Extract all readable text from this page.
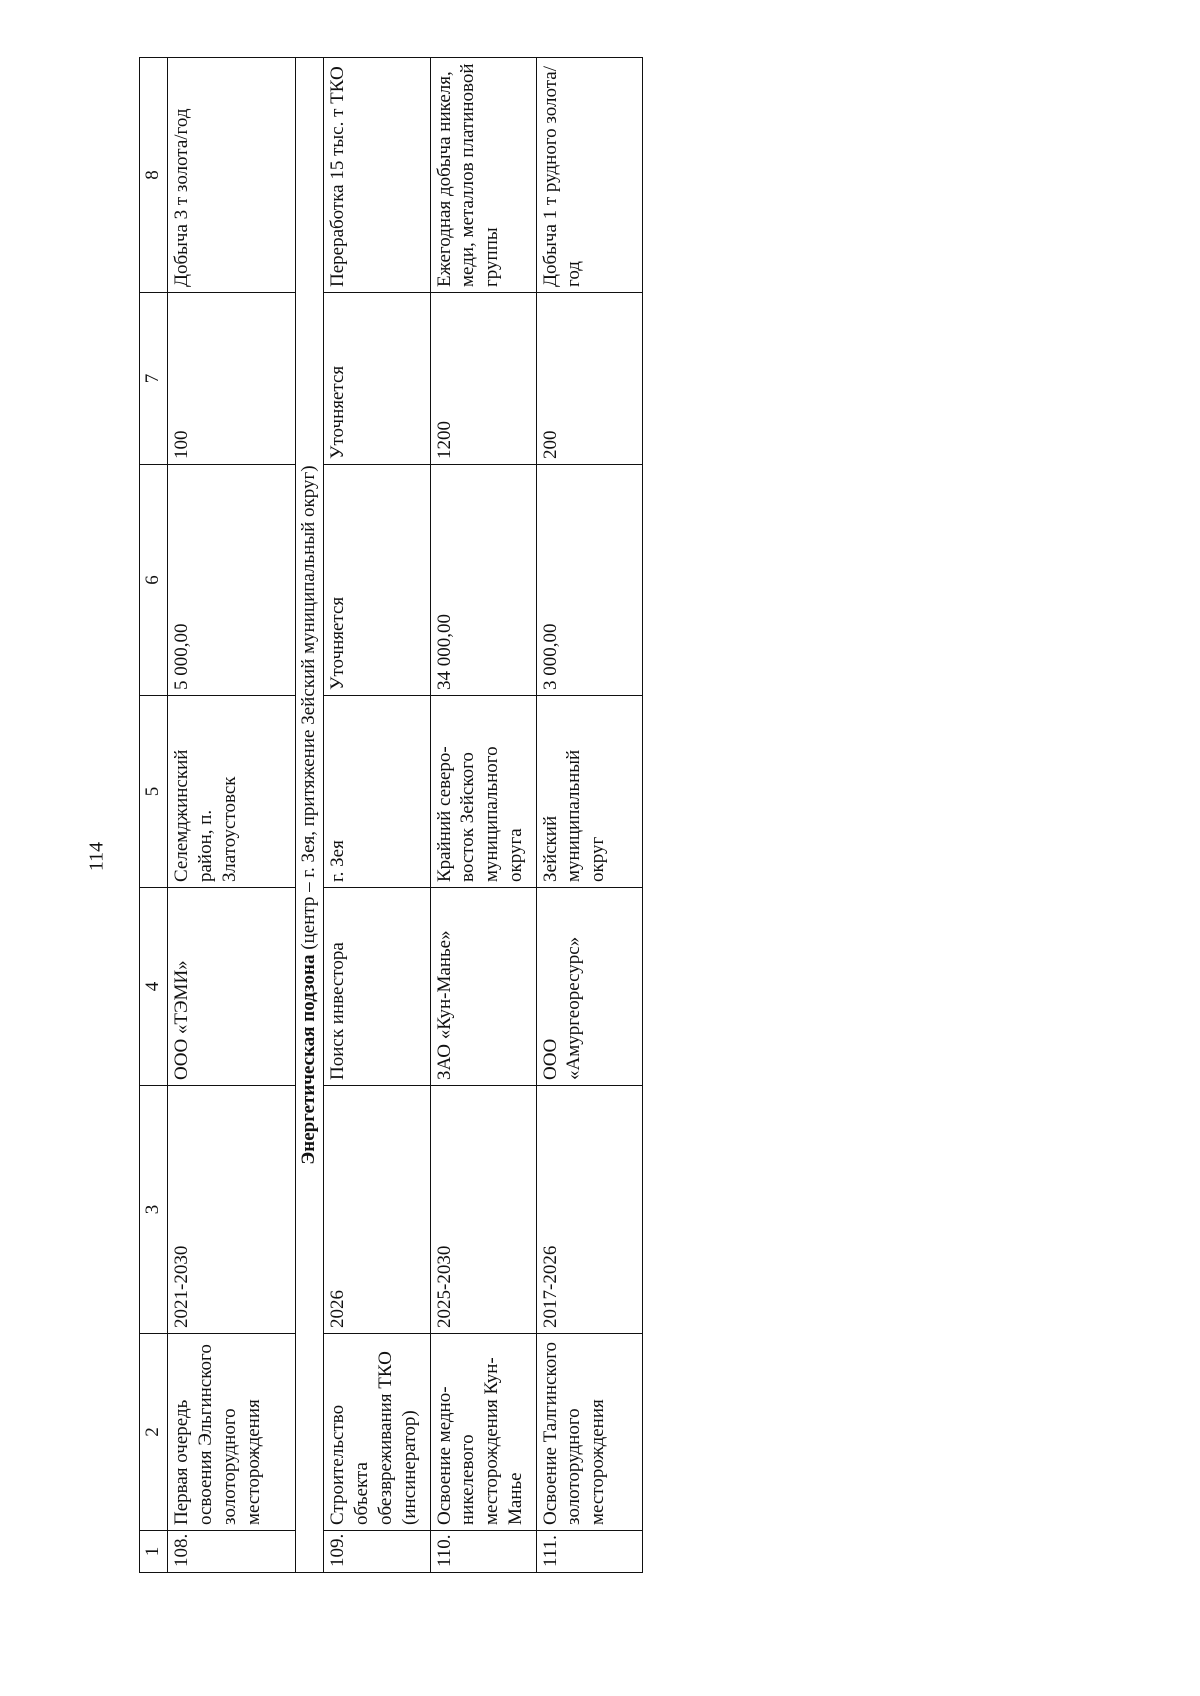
114
1	2	3	4	5	6	7	8
108.	Первая очередь освоения Эльгинского золоторудного месторождения	2021-2030	ООО «ТЭМИ»	Селемджинский район, п. Златоустовск	5 000,00	100	Добыча 3 т золота/год
Энергетическая подзона (центр – г. Зея, притяжение Зейский муниципальный округ)							
109.	Строительство объекта обезвреживания ТКО (инсинератор)	2026	Поиск инвестора	г. Зея	Уточняется	Уточняется	Переработка 15 тыс. т ТКО
110.	Освоение медно-никелевого месторождения Кун-Манье	2025-2030	ЗАО «Кун-Манье»	Крайний северо-восток Зейского муниципального округа	34 000,00	1200	Ежегодная добыча никеля, меди, металлов платиновой группы
111.	Освоение Талгинского золоторудного месторождения	2017-2026	ООО «Амургеоресурс»	Зейский муниципальный округ	3 000,00	200	Добыча 1 т рудного золота/год
